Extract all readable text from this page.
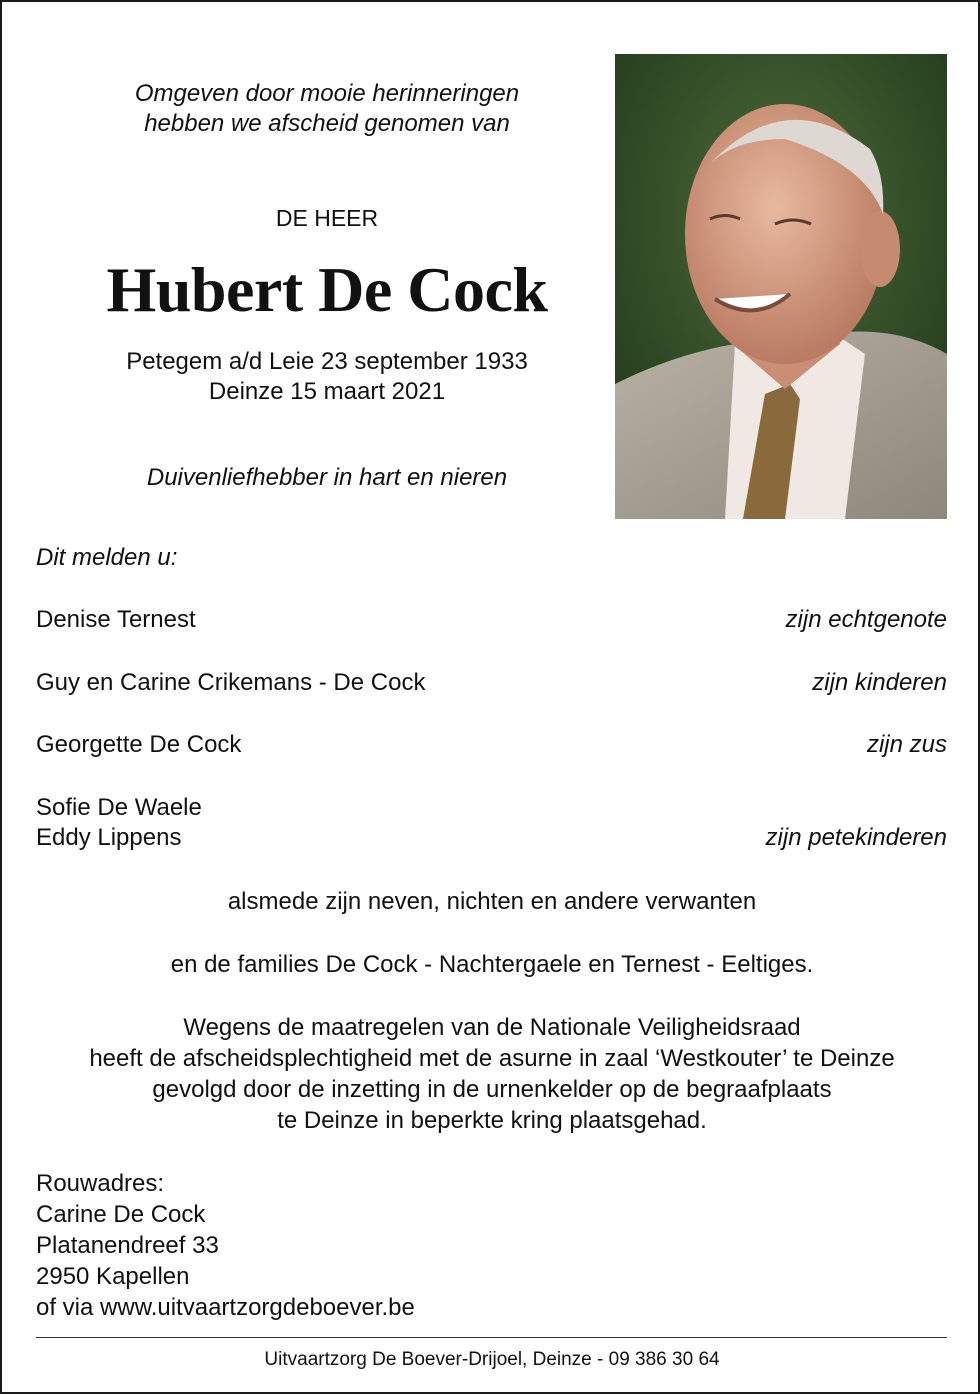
Omgeven door mooie herinneringen
hebben we afscheid genomen van
DE HEER
Hubert De Cock
Petegem a/d Leie 23 september 1933
Deinze 15 maart 2021
Duivenliefhebber in hart en nieren
Dit melden u:
Denise Ternest	zijn echtgenote
Guy en Carine Crikemans - De Cock	zijn kinderen
Georgette De Cock	zijn zus
Sofie De Waele
Eddy Lippens	zijn petekinderen
alsmede zijn neven, nichten en andere verwanten
en de families De Cock - Nachtergaele en Ternest - Eeltiges.
Wegens de maatregelen van de Nationale Veiligheidsraad
heeft de afscheidsplechtigheid met de asurne in zaal ‘Westkouter’ te Deinze
gevolgd door de inzetting in de urnenkelder op de begraafplaats
te Deinze in beperkte kring plaatsgehad.
Rouwadres:
Carine De Cock
Platanendreef 33
2950 Kapellen
of via www.uitvaartzorgdeboever.be
Uitvaartzorg De Boever-Drijoel, Deinze - 09 386 30 64
